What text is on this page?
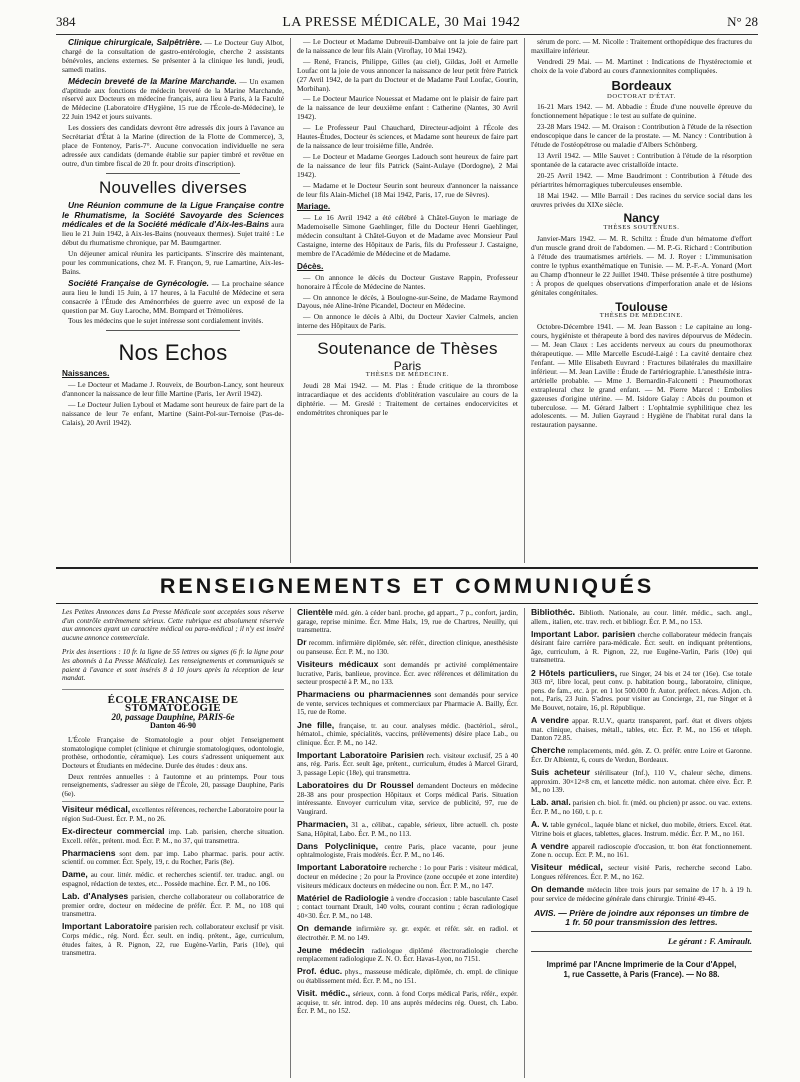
384	LA PRESSE MÉDICALE, 30 Mai 1942	N° 28
Clinique chirurgicale, Salpêtrière. — Le Docteur Guy Albot, chargé de la consultation de gastro-entérologie, cherche 2 assistants bénévoles, anciens externes. Se présenter à la clinique les lundi, jeudi, samedi matins.
Médecin breveté de la Marine Marchande. — Un examen d'aptitude aux fonctions de médecin breveté de la Marine Marchande, réservé aux Docteurs en médecine français, aura lieu à Paris, à la Faculté de Médecine (Laboratoire d'Hygiène, 15 rue de l'École-de-Médecine), le 22 Juin 1942 et jours suivants.
Les dossiers des candidats devront être adressés dix jours à l'avance au Secrétariat d'État à la Marine (direction de la Flotte de Commerce), 3, place de Fontenoy, Paris-7°. Aucune convocation individuelle ne sera adressée aux candidats (demande établie sur papier timbré et revêtue en outre, d'un timbre fiscal de 20 fr. pour droits d'inscription).
Nouvelles diverses
Une Réunion commune de la Ligue Française contre le Rhumatisme, la Société Savoyarde des Sciences médicales et de la Société médicale d'Aix-les-Bains aura lieu le 21 Juin 1942, à Aix-les-Bains (nouveaux thermes). Sujet traité : Le début du rhumatisme chronique, par M. Baumgartner.
Un déjeuner amical réunira les participants. S'inscrire dès maintenant, pour les communications, chez M. F. Françon, 9, rue Lamartine, Aix-les-Bains.
Société Française de Gynécologie. — La prochaine séance aura lieu le lundi 15 Juin, à 17 heures, à la Faculté de Médecine et sera consacrée à l'Étude des Aménorrhées de guerre avec un exposé de la question par M. Guy Laroche, MM. Bompard et Trémolières.
Tous les médecins que le sujet intéresse sont cordialement invités.
Nos Echos
Naissances.
— Le Docteur et Madame J. Rouveix, de Bourbon-Lancy, sont heureux d'annoncer la naissance de leur fille Martine (Paris, 1er Avril 1942).
— Le Docteur Julien Lyboul et Madame sont heureux de faire part de la naissance de leur 7e enfant, Martine (Saint-Pol-sur-Ternoise (Pas-de-Calais), 20 Avril 1942).
— Le Docteur et Madame Dubreuil-Dambaive ont la joie de faire part de la naissance de leur fils Alain (Viroflay, 10 Mai 1942).
— René, Francis, Philippe, Gilles (au ciel), Gildas, Joël et Armelle Loufac ont la joie de vous annoncer la naissance de leur petit frère Patrick (27 Avril 1942, de la part du Docteur et de Madame Paul Loufac, Gourin, Morbihan).
— Le Docteur Maurice Nouessat et Madame ont le plaisir de faire part de la naissance de leur deuxième enfant : Catherine (Nantes, 30 Avril 1942).
— Le Professeur Paul Chauchard, Directeur-adjoint à l'École des Hautes-Études, Docteur ès sciences, et Madame sont heureux de faire part de la naissance de leur troisième fille, Andrée.
— Le Docteur et Madame Georges Ladouch sont heureux de faire part de la naissance de leur fils Patrick (Saint-Aulaye (Dordogne), 2 Mai 1942).
— Madame et le Docteur Seurin sont heureux d'annoncer la naissance de leur fils Alain-Michel (18 Mai 1942, Paris, 17, rue de Sèvres).
Mariage.
— Le 16 Avril 1942 a été célébré à Châtel-Guyon le mariage de Mademoiselle Simone Gaehlinger, fille du Docteur Henri Gaehlinger, médecin consultant à Châtel-Guyon et de Madame avec Monsieur Paul Castaigne, interne des Hôpitaux de Paris, fils du Professeur J. Castaigne, membre de l'Académie de Médecine et de Madame.
Décès.
— On annonce le décès du Docteur Gustave Rappin, Professeur honoraire à l'École de Médecine de Nantes.
— On annonce le décès, à Boulogne-sur-Seine, de Madame Raymond Dayous, née Aline-Irène Picandel, Docteur en Médecine.
— On annonce le décès à Albi, du Docteur Xavier Calmels, ancien interne des Hôpitaux de Paris.
Soutenance de Thèses
Paris
THÈSES DE MÉDECINE.
Jeudi 28 Mai 1942. — M. Plas : Étude critique de la thrombose intracardiaque et des accidents d'oblitération vasculaire au cours de la diphtérie. — M. Greslé : Traitement de certaines endocervicites et endométrites chroniques par le
sérum de porc. — M. Nicolle : Traitement orthopédique des fractures du maxillaire inférieur.
Vendredi 29 Mai. — M. Martinet : Indications de l'hystérectomie et choix de la voie d'abord au cours d'annexionnites compliquées.
Bordeaux
DOCTORAT D'ÉTAT.
16-21 Mars 1942. — M. Abbadie : Étude d'une nouvelle épreuve du fonctionnement hépatique : le test au sulfate de quinine.
23-28 Mars 1942. — M. Oraison : Contribution à l'étude de la résection endoscopique dans le cancer de la prostate. — M. Nancy : Contribution à l'étude de l'ostéopétrose ou maladie d'Albers Schönberg.
13 Avril 1942. — Mlle Sauvet : Contribution à l'étude de la résorption spontanée de la cataracte avec cristalloïde intacte.
20-25 Avril 1942. — Mme Baudrimont : Contribution à l'étude des périartrites hémorragiques tuberculeuses ensemble.
18 Mai 1942. — Mlle Barrail : Des racines du service social dans les œuvres privées du XIXe siècle.
Nancy
THÈSES SOUTENUES.
Janvier-Mars 1942. — M. R. Schiltz : Étude d'un hématome d'effort d'un muscle grand droit de l'abdomen. — M. P.-G. Richard : Contribution à l'étude des traumatismes artériels. — M. J. Royer : L'immunisation contre le typhus exanthématique en Tunisie. — M. P.-F.-A. Yonard (Mort au Champ d'honneur le 22 Juillet 1940. Thèse présentée à titre posthume) : À propos de quelques observations d'imperforation anale et de lésions génitales congénitales.
Toulouse
THÈSES DE MÉDECINE.
Octobre-Décembre 1941. — M. Jean Basson : Le capitaine au long-cours, hygiéniste et thérapeute à bord des navires dépourvus de Médecin. — M. Jean Claux : Les accidents nerveux au cours du pneumothorax thérapeutique. — Mlle Marcelle Escudé-Laigé : La cavité dentaire chez l'enfant. — Mlle Elisabeth Euvrard : Fractures bilatérales du maxillaire inférieur. — M. Jean Laville : Étude de l'artériographie. L'anesthésie intra-artérielle probable. — Mme J. Bernardin-Falconetti : Pneumothorax extrapleural chez le grand enfant. — M. Pierre Marcel : Embolies gazeuses d'origine utérine. — M. Isidore Galay : Abcès du poumon et tuberculose. — M. Gérard Jalbert : L'ophtalmie syphilitique chez les adolescents. — M. Julien Gayraud : Hygiène de l'habitat rural dans la restauration paysanne.
RENSEIGNEMENTS ET COMMUNIQUÉS
Les Petites Annonces dans La Presse Médicale sont acceptées sous réserve d'un contrôle extrêmement sérieux. Cette rubrique est absolument réservée aux annonces ayant un caractère médical ou para-médical ; il n'y est inséré aucune annonce commerciale.
Prix des insertions : 10 fr. la ligne de 55 lettres ou signes (6 fr. la ligne pour les abonnés à La Presse Médicale). Les renseignements et communiqués se paient à l'avance et sont insérés 8 à 10 jours après la réception de leur mandat.
ÉCOLE FRANÇAISE DE STOMATOLOGIE
20, passage Dauphine, PARIS-6e
Danton 46-90
L'École Française de Stomatologie a pour objet l'enseignement stomatologique complet (clinique et chirurgie stomatologiques, odontologie, prothèse, orthodontie, céramique). Les cours s'adressent uniquement aux Docteurs et Étudiants en médecine. Durée des études : deux ans.
Deux rentrées annuelles : à l'automne et au printemps. Pour tous renseignements, s'adresser au siège de l'École, 20, passage Dauphine, Paris (6e).
Visiteur médical, excellentes références, recherche Laboratoire pour la région Sud-Ouest. Écr. P. M., no 26.
Ex-directeur commercial imp. Lab. parisien, cherche situation. Excell. référ., prétent. mod. Écr. P. M., no 37, qui transmettra.
Pharmaciens sont dem. par imp. Labo pharmac. paris. pour activ. scientif. ou commer. Écr. Spely, 19, r. du Rocher, Paris (8e).
Dame, au cour. littér. médic. et recherches scientif. ter. traduc. angl. ou espagnol, rédaction de textes, etc... Possède machine. Écr. P. M., no 106.
Lab. d'Analyses parisien, cherche collaborateur ou collaboratrice de premier ordre, docteur en médecine de préfér. Écr. P. M., no 108 qui transmettra.
Important Laboratoire parisien rech. collaborateur exclusif pr visit. Corps médic., rég. Nord. Écr. seult. en indiq. prétent., âge, curriculum, études faites, à R. Pignon, 22, rue Eugène-Varlin, Paris (10e), qui transmettra.
Clientèle méd. gén. à céder banl. proche, gd appart., 7 p., confort, jardin, garage, reprise minime. Écr. Mme Halx, 19, rue de Chartres, Neuilly, qui transmettra.
Dr recomm. infirmière diplômée, sér. référ., direction clinique, anesthésiste ou panseuse. Écr. P. M., no 130.
Visiteurs médicaux sont demandés pr activité complémentaire lucrative, Paris, banlieue, province. Écr. avec références et délimitation du secteur prospecté à P. M., no 133.
Pharmaciens ou pharmaciennes sont demandés pour service de vente, services techniques et commerciaux par Pharmacie A. Bailly, Écr. 15, rue de Rome.
Jne fille, française, tr. au cour. analyses médic. (bactériol., sérol., hématol., chimie, spécialités, vaccins, prélèvements) désire place Lab., ou clinique. Écr. P. M., no 142.
Important Laboratoire Parisien rech. visiteur exclusif, 25 à 40 ans, rég. Paris. Écr. seult âge, prétent., curriculum, études à Marcel Girard, 3, passage Lepic (18e), qui transmettra.
Laboratoires du Dr Roussel demandent Docteurs en médecine 28-38 ans pour prospection Hôpitaux et Corps médical Paris. Situation intéressante. Envoyer curriculum vitæ, service de publicité, 97, rue de Vaugirard.
Pharmacien, 31 a., célibat., capable, sérieux, libre actuell. ch. poste Sana, Hôpital, Labo. Écr. P. M., no 113.
Dans Polyclinique, centre Paris, place vacante, pour jeune ophtalmologiste, Frais modérés. Écr. P. M., no 146.
Important Laboratoire recherche : 1o pour Paris : visiteur médical, docteur en médecine ; 2o pour la Province (zone occupée et zone interdite) visiteurs médicaux docteurs en médecine ou non. Écr. P. M., no 147.
Matériel de Radiologie à vendre d'occasion : table basculante Casel ; contact tournant Drault, 140 volts, courant continu ; écran radiologique 40×30. Écr. P. M., no 148.
On demande infirmière sy. gr. expér. et référ. sér. en radiol. et électrothér. P. M. no 149.
Jeune médecin radiologue diplômé électroradiologie cherche remplacement radiologique Z. N. O. Écr. Havas-Lyon, no 7151.
Prof. éduc. phys., masseuse médicale, diplômée, ch. empl. de clinique ou établissement méd. Écr. P. M., no 151.
Visit. médic., sérieux, conn. à fond Corps médical Paris, référ., expér. acquise, tr. sér. introd. dep. 10 ans auprès médecins rég. Ouest, ch. Labo. Écr. P. M., no 152.
Bibliothéc. Biblioth. Nationale, au cour. littér. médic., sach. angl., allem., italien, etc. trav. rech. et bibliogr. Écr. P. M., no 153.
Important Labor. parisien cherche collaborateur médecin français désirant faire carrière para-médicale. Écr. seult. en indiquant prétentions, âge, curriculum, à R. Pignon, 22, rue Eugène-Varlin, Paris (10e) qui transmettra.
2 Hôtels particuliers, rue Singer, 24 bis et 24 ter (16e). Cse totale 303 m², libre local, peut conv. p. habitation bourg., laboratoire, clinique, pens. de fam., etc. à pr. en 1 lot 500.000 fr. Autor. préfect. néces. Adjon. ch. not., Paris, 23 Juin. S'adres. pour visiter au Concierge, 21, rue Singer et à Me Bouvet, notaire, 16, pl. République.
A vendre appar. R.U.V., quartz transparent, parf. état et divers objets mat. clinique, chaises, métall., tables, etc. Écr. P. M., no 156 et téleph. Danton 72.85.
Cherche remplacements, méd. gén. Z. O. préfér. entre Loire et Garonne. Écr. Dr Albientz, 6, cours de Verdun, Bordeaux.
Suis acheteur stérilisateur (Inf.), 110 V., chaleur sèche, dimens. approxim. 30×12×8 cm, et lancette médic. non automat. chère eive. Écr. P. M., no 139.
Lab. anal. parisien ch. biol. fr. (méd. ou phcien) pr assoc. ou vac. extens. Écr. P. M., no 160, t. p. r.
A. v. table gynécol., laquée blanc et nickel, duo mobile, étriers. Excel. état. Vitrine bois et glaces, tablettes, glaces. Instrum. médic. Écr. P. M., no 161.
A vendre appareil radioscopie d'occasion, tr. bon état fonctionnement. Zone n. occup. Écr. P. M., no 161.
Visiteur médical, secteur visité Paris, recherche second Labo. Longues références. Écr. P. M., no 162.
On demande médecin libre trois jours par semaine de 17 h. à 19 h. pour service de médecine générale dans chirurgie. Trinité 49-45.
AVIS. — Prière de joindre aux réponses un timbre de 1 fr. 50 pour transmission des lettres.
Le gérant : F. Amirault.
Imprimé par l'Ancne Imprimerie de la Cour d'Appel,
1, rue Cassette, à Paris (France). — No 88.
